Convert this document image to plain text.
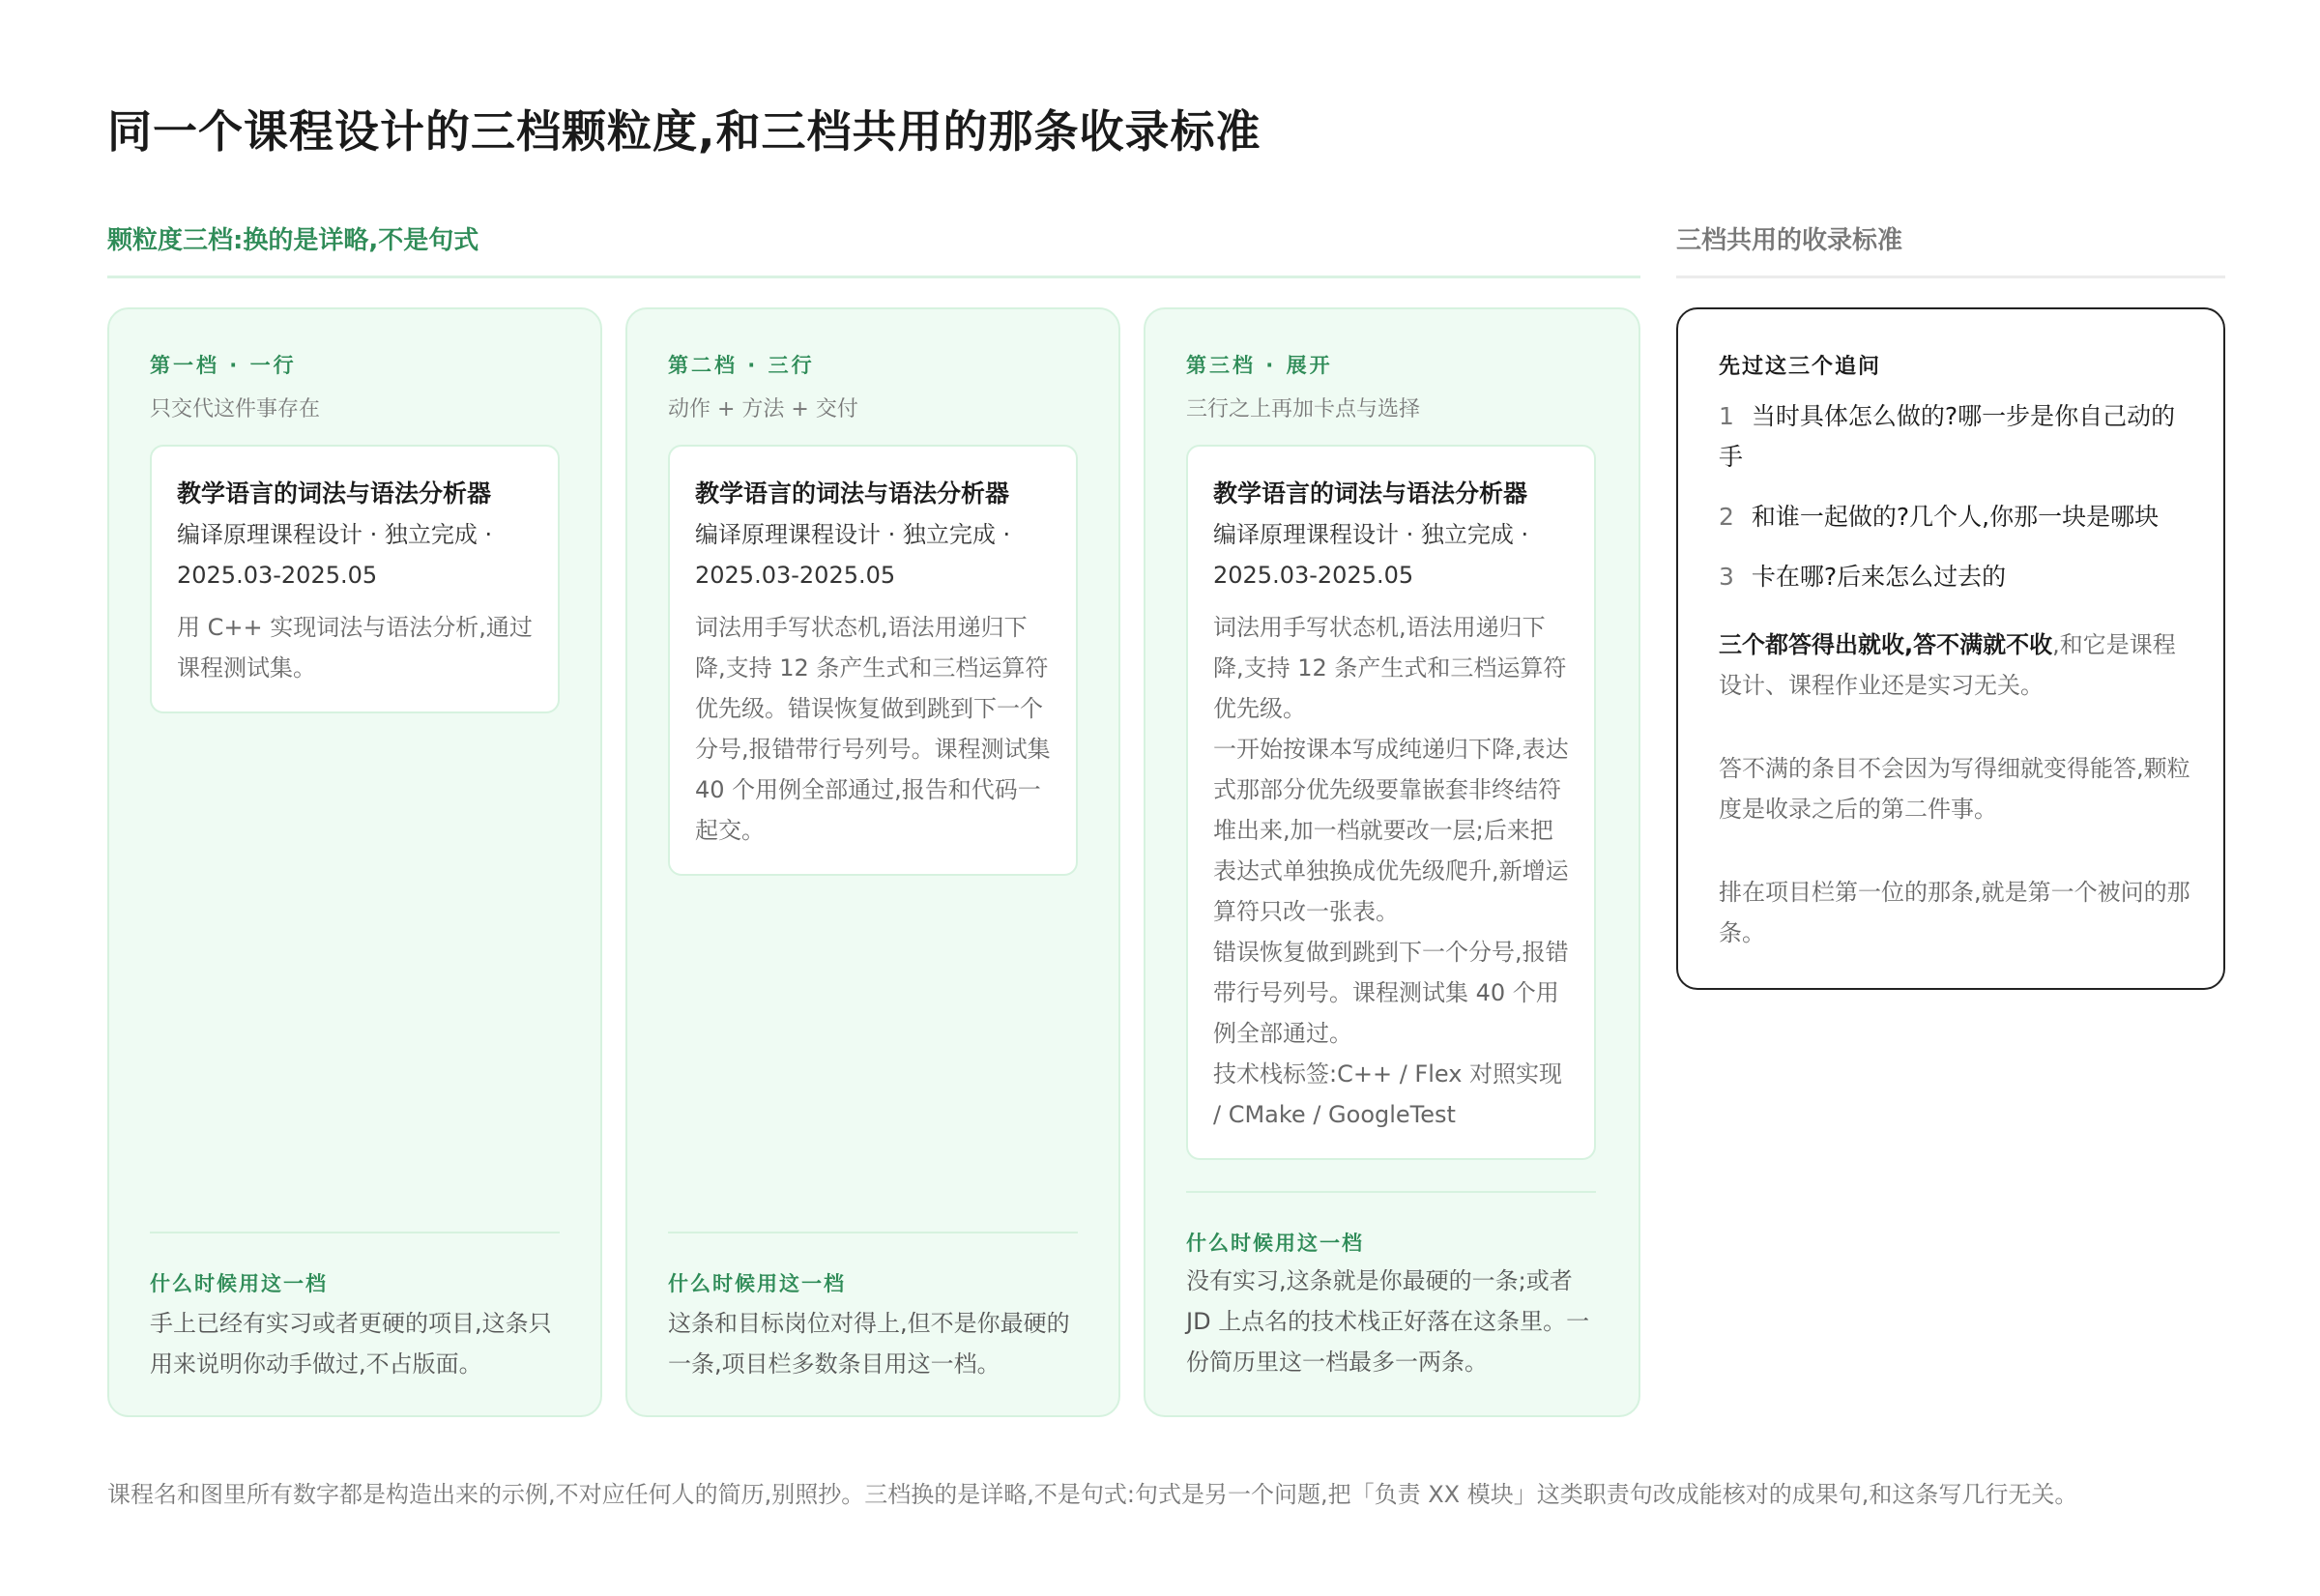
同一个课程设计的三档颗粒度,和三档共用的那条收录标准
颗粒度三档:换的是详略,不是句式	三档共用的收录标准
第一档 · 一行
只交代这件事存在
教学语言的词法与语法分析器
编译原理课程设计 · 独立完成 ·
2025.03-2025.05

用 C++ 实现词法与语法分析,通过课程测试集。

什么时候用这一档
手上已经有实习或者更硬的项目,这条只用来说明你动手做过,不占版面。
第二档 · 三行
动作 + 方法 + 交付
教学语言的词法与语法分析器
编译原理课程设计 · 独立完成 ·
2025.03-2025.05

词法用手写状态机,语法用递归下降,支持 12 条产生式和三档运算符优先级。错误恢复做到跳到下一个分号,报错带行号列号。课程测试集 40 个用例全部通过,报告和代码一起交。

什么时候用这一档
这条和目标岗位对得上,但不是你最硬的一条,项目栏多数条目用这一档。
第三档 · 展开
三行之上再加卡点与选择
教学语言的词法与语法分析器
编译原理课程设计 · 独立完成 ·
2025.03-2025.05

词法用手写状态机,语法用递归下降,支持 12 条产生式和三档运算符优先级。

一开始按课本写成纯递归下降,表达式那部分优先级要靠嵌套非终结符堆出来,加一档就要改一层;后来把表达式单独换成优先级爬升,新增运算符只改一张表。

错误恢复做到跳到下一个分号,报错带行号列号。课程测试集 40 个用例全部通过。

技术栈标签:C++ / Flex 对照实现 / CMake / GoogleTest

什么时候用这一档
没有实习,这条就是你最硬的一条;或者 JD 上点名的技术栈正好落在这条里。一份简历里这一档最多一两条。
先过这三个追问
1 当时具体怎么做的?哪一步是你自己动的手
2 和谁一起做的?几个人,你那一块是哪块
3 卡在哪?后来怎么过去的
三个都答得出就收,答不满就不收,和它是课程设计、课程作业还是实习无关。
答不满的条目不会因为写得细就变得能答,颗粒度是收录之后的第二件事。
排在项目栏第一位的那条,就是第一个被问的那条。
课程名和图里所有数字都是构造出来的示例,不对应任何人的简历,别照抄。三档换的是详略,不是句式:句式是另一个问题,把「负责 XX 模块」这类职责句改成能核对的成果句,和这条写几行无关。
